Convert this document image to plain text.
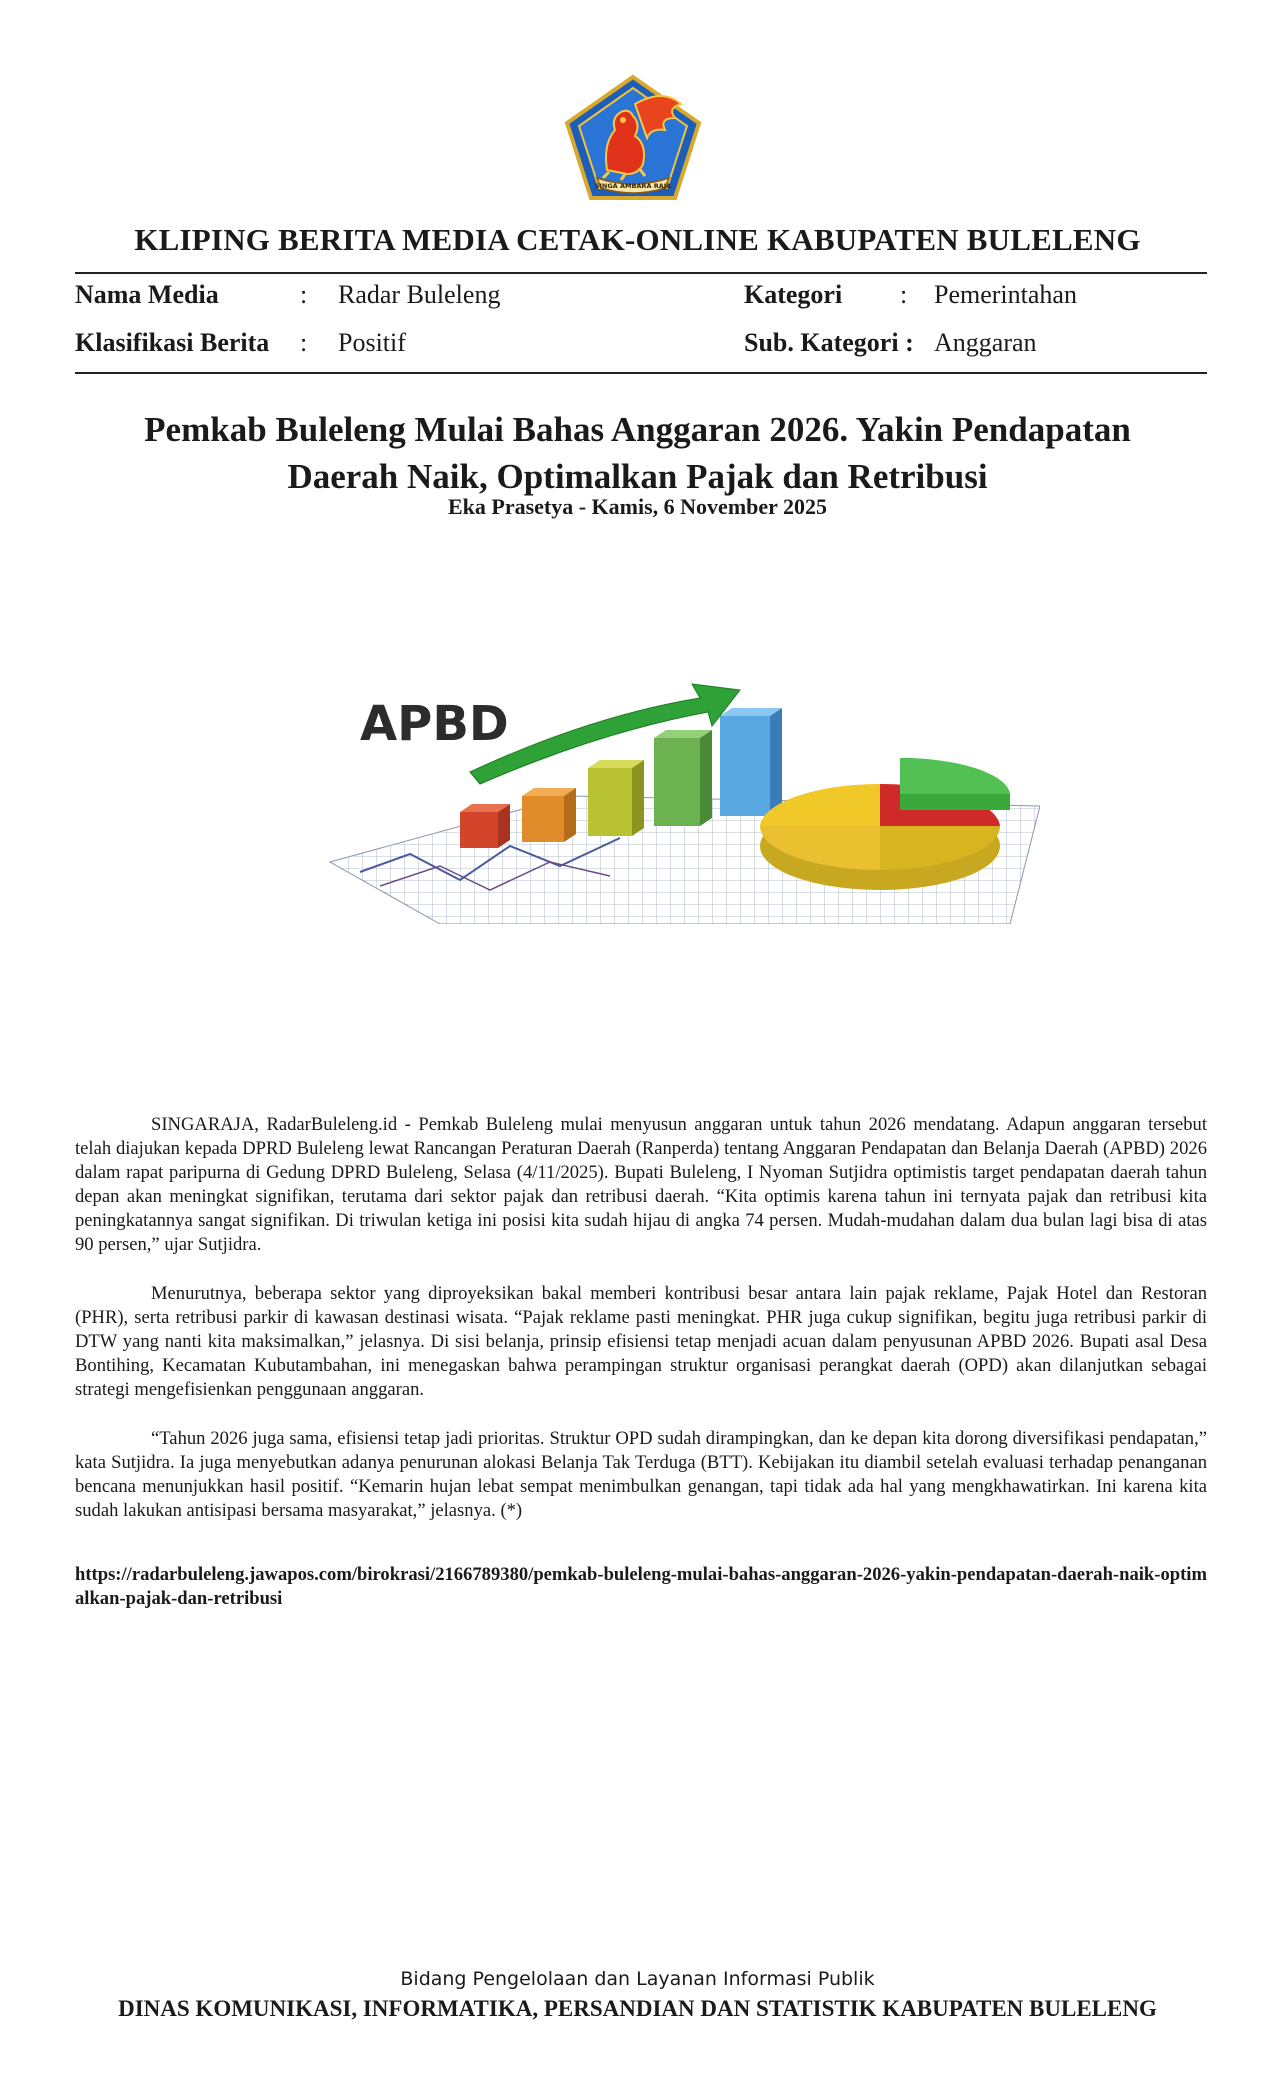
SINGA AMBARA RAJA
KLIPING BERITA MEDIA CETAK-ONLINE KABUPATEN BULELENG
Nama Media	: Radar Buleleng	Kategori : Pemerintahan
Klasifikasi Berita : Positif	Sub. Kategori : Anggaran
Pemkab Buleleng Mulai Bahas Anggaran 2026. Yakin Pendapatan
Daerah Naik, Optimalkan Pajak dan Retribusi
Eka Prasetya - Kamis, 6 November 2025
APBD

SINGARAJA, RadarBuleleng.id - Pemkab Buleleng mulai menyusun anggaran untuk tahun 2026 mendatang. Adapun anggaran tersebut telah diajukan kepada DPRD Buleleng lewat Rancangan Peraturan Daerah (Ranperda) tentang Anggaran Pendapatan dan Belanja Daerah (APBD) 2026 dalam rapat paripurna di Gedung DPRD Buleleng, Selasa (4/11/2025). Bupati Buleleng, I Nyoman Sutjidra optimistis target pendapatan daerah tahun depan akan meningkat signifikan, terutama dari sektor pajak dan retribusi daerah. “Kita optimis karena tahun ini ternyata pajak dan retribusi kita peningkatannya sangat signifikan. Di triwulan ketiga ini posisi kita sudah hijau di angka 74 persen. Mudah-mudahan dalam dua bulan lagi bisa di atas 90 persen,” ujar Sutjidra.

Menurutnya, beberapa sektor yang diproyeksikan bakal memberi kontribusi besar antara lain pajak reklame, Pajak Hotel dan Restoran (PHR), serta retribusi parkir di kawasan destinasi wisata. “Pajak reklame pasti meningkat. PHR juga cukup signifikan, begitu juga retribusi parkir di DTW yang nanti kita maksimalkan,” jelasnya. Di sisi belanja, prinsip efisiensi tetap menjadi acuan dalam penyusunan APBD 2026. Bupati asal Desa Bontihing, Kecamatan Kubutambahan, ini menegaskan bahwa perampingan struktur organisasi perangkat daerah (OPD) akan dilanjutkan sebagai strategi mengefisienkan penggunaan anggaran.

“Tahun 2026 juga sama, efisiensi tetap jadi prioritas. Struktur OPD sudah dirampingkan, dan ke depan kita dorong diversifikasi pendapatan,” kata Sutjidra. Ia juga menyebutkan adanya penurunan alokasi Belanja Tak Terduga (BTT). Kebijakan itu diambil setelah evaluasi terhadap penanganan bencana menunjukkan hasil positif. “Kemarin hujan lebat sempat menimbulkan genangan, tapi tidak ada hal yang mengkhawatirkan. Ini karena kita sudah lakukan antisipasi bersama masyarakat,” jelasnya. (*)

https://radarbuleleng.jawapos.com/birokrasi/2166789380/pemkab-buleleng-mulai-bahas-anggaran-2026-yakin-pendapatan-daerah-naik-optimalkan-pajak-dan-retribusi
Bidang Pengelolaan dan Layanan Informasi Publik
DINAS KOMUNIKASI, INFORMATIKA, PERSANDIAN DAN STATISTIK KABUPATEN BULELENG
